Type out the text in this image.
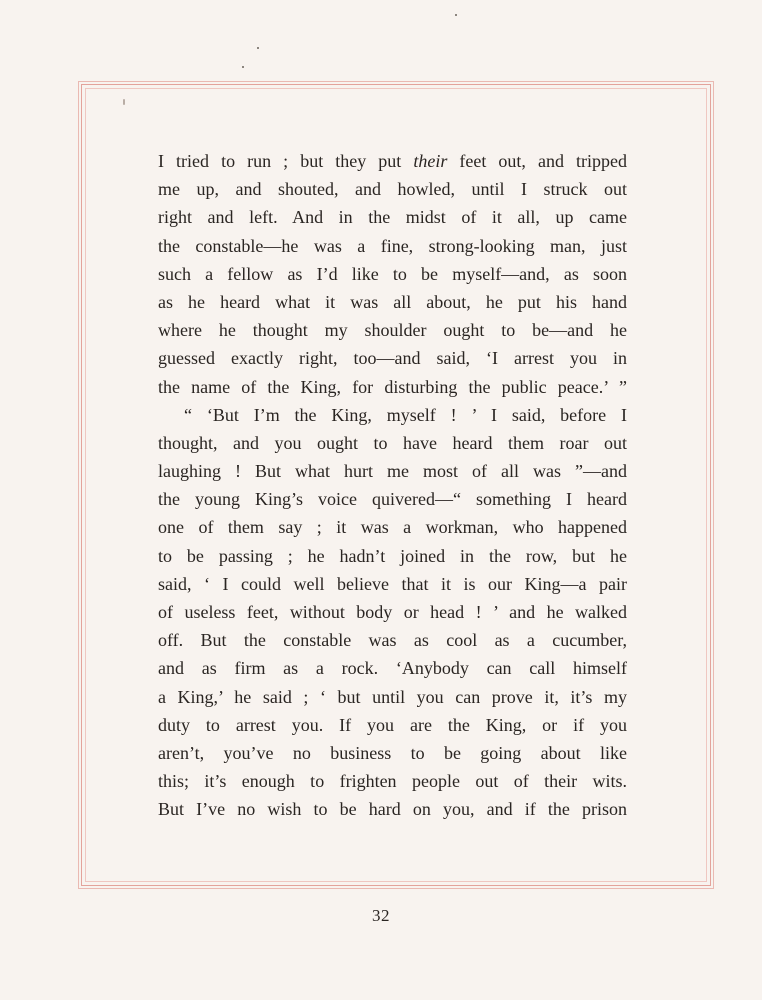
I tried to run ; but they put their feet out, and tripped
me up, and shouted, and howled, until I struck out
right and left. And in the midst of it all, up came
the constable—he was a fine, strong-looking man, just
such a fellow as I’d like to be myself—and, as soon
as he heard what it was all about, he put his hand
where he thought my shoulder ought to be—and he
guessed exactly right, too—and said, ‘I arrest you in
the name of the King, for disturbing the public peace.’ ”
“ ‘But I’m the King, myself ! ’ I said, before I
thought, and you ought to have heard them roar out
laughing ! But what hurt me most of all was ”—and
the young King’s voice quivered—“ something I heard
one of them say ; it was a workman, who happened
to be passing ; he hadn’t joined in the row, but he
said, ‘ I could well believe that it is our King—a pair
of useless feet, without body or head ! ’ and he walked
off. But the constable was as cool as a cucumber,
and as firm as a rock. ‘Anybody can call himself
a King,’ he said ; ‘ but until you can prove it, it’s my
duty to arrest you. If you are the King, or if you
aren’t, you’ve no business to be going about like
this; it’s enough to frighten people out of their wits.
But I’ve no wish to be hard on you, and if the prison
32
